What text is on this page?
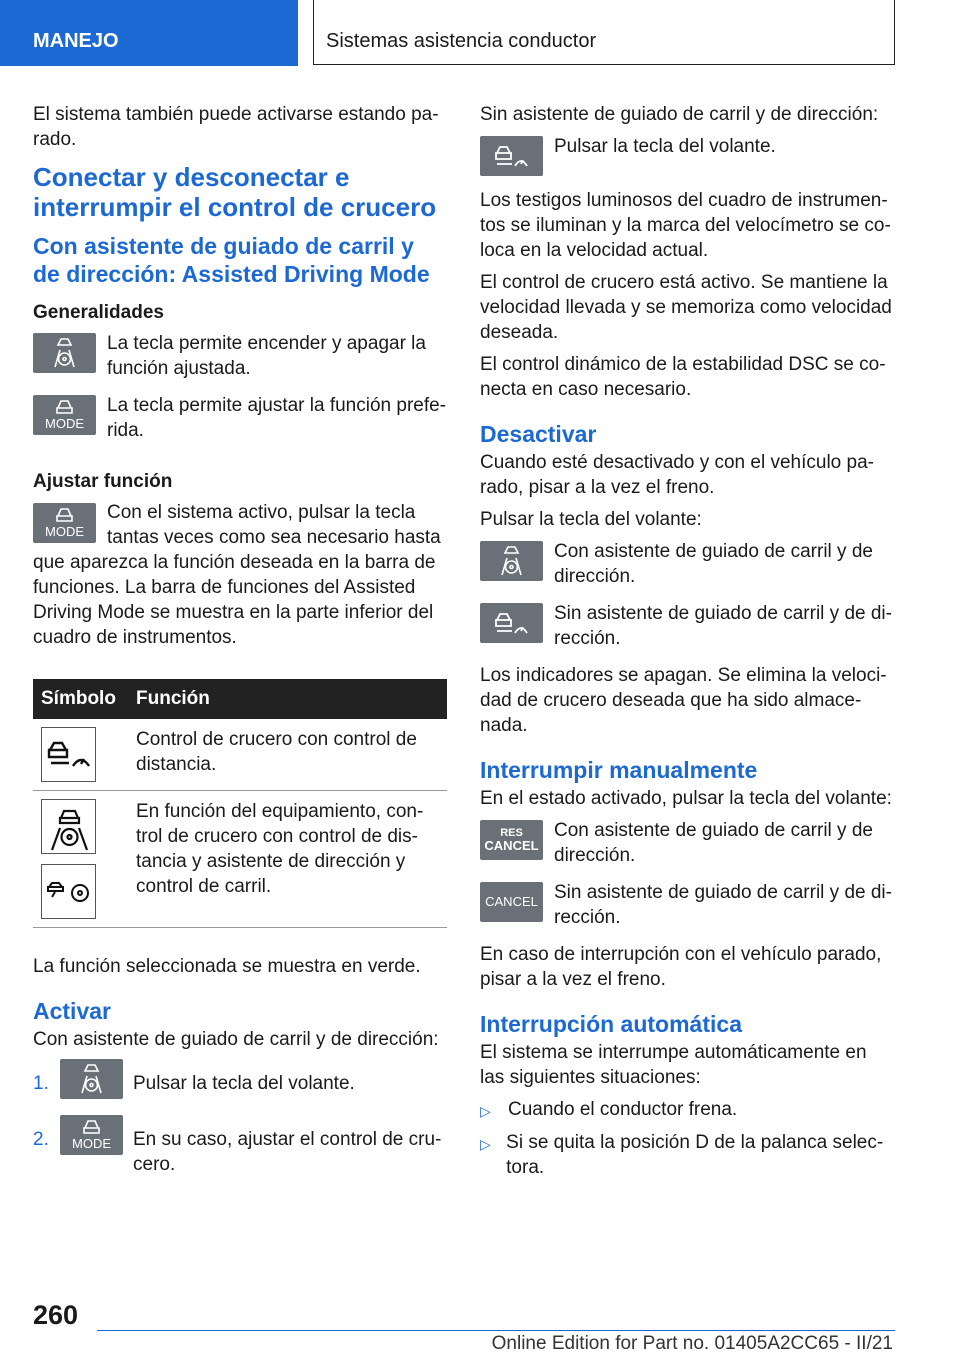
MANEJO	Sistemas asistencia conductor

El sistema también puede activarse estando pa-rado.

Conectar y desconectar e interrumpir el control de crucero
Con asistente de guiado de carril y de dirección: Assisted Driving Mode
Generalidades

La tecla permite encender y apagar la función ajustada.

MODE

La tecla permite ajustar la función prefe-rida.

Ajustar función
MODE

Con el sistema activo, pulsar la tecla tantas veces como sea necesario hasta que aparezca la función deseada en la barra de funciones. La barra de funciones del Assisted Driving Mode se muestra en la parte inferior del cuadro de instrumentos.

Símbolo	Función

	Control de crucero con control de distancia.

	En función del equipamiento, con-trol de crucero con control de dis-tancia y asistente de dirección y control de carril.

La función seleccionada se muestra en verde.

Activar

Con asistente de guiado de carril y de dirección:

1.	Pulsar la tecla del volante.

2.	MODE	En su caso, ajustar el control de cru-cero.

Sin asistente de guiado de carril y de dirección:

Pulsar la tecla del volante.

Los testigos luminosos del cuadro de instrumen-tos se iluminan y la marca del velocímetro se co-loca en la velocidad actual.

El control de crucero está activo. Se mantiene la velocidad llevada y se memoriza como velocidad deseada.

El control dinámico de la estabilidad DSC se co-necta en caso necesario.

Desactivar

Cuando esté desactivado y con el vehículo pa-rado, pisar a la vez el freno.

Pulsar la tecla del volante:

Con asistente de guiado de carril y de dirección.

Sin asistente de guiado de carril y de di-rección.

Los indicadores se apagan. Se elimina la veloci-dad de crucero deseada que ha sido almace-nada.

Interrumpir manualmente

En el estado activado, pulsar la tecla del volante:

RES
CANCEL

Con asistente de guiado de carril y de dirección.

CANCEL Sin asistente de guiado de carril y de di-rección.

En caso de interrupción con el vehículo parado, pisar a la vez el freno.

Interrupción automática

El sistema se interrumpe automáticamente en las siguientes situaciones:

▷ Cuando el conductor frena.
▷ Si se quita la posición D de la palanca selec-tora.
260
Online Edition for Part no. 01405A2CC65 - II/21
